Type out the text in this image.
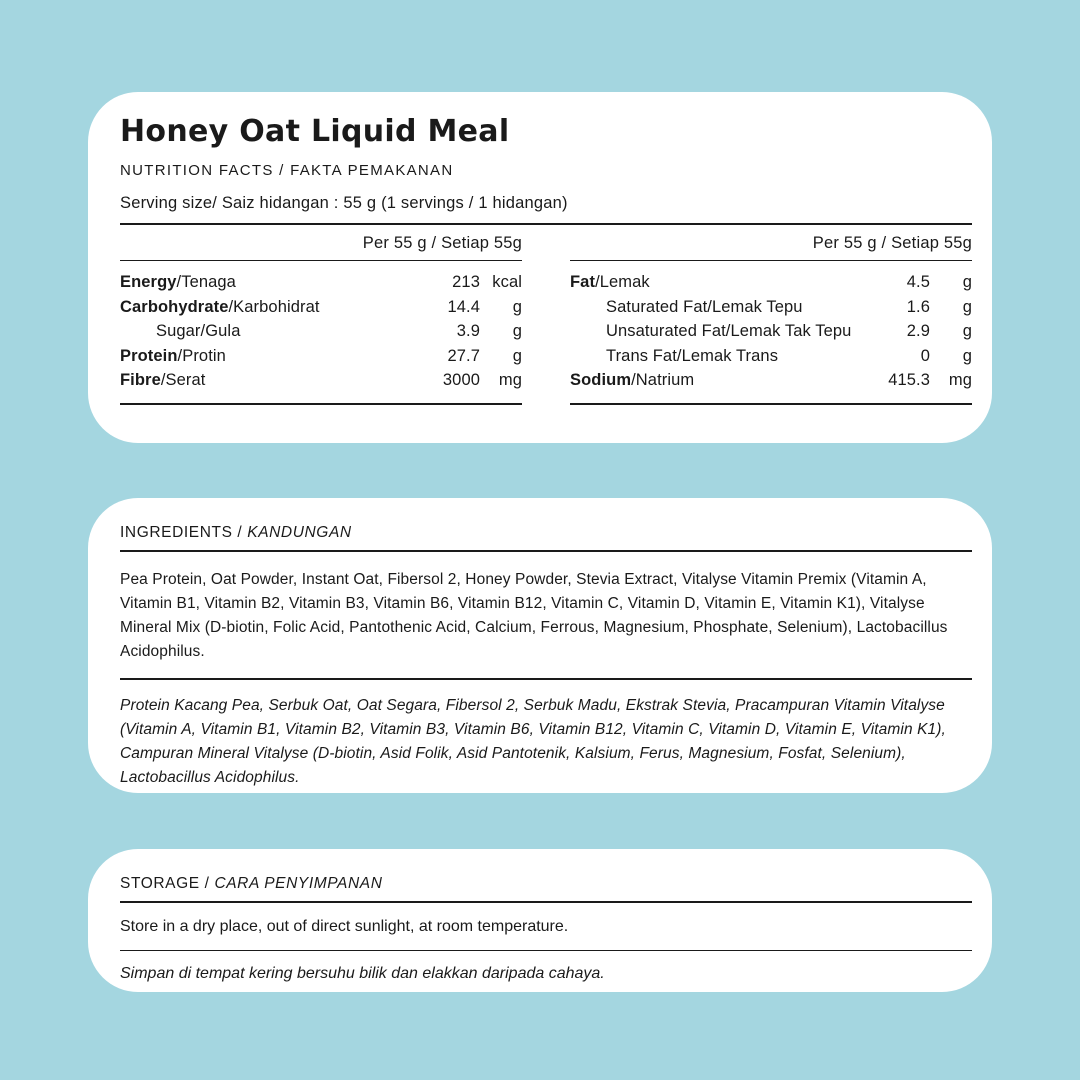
Honey Oat Liquid Meal
NUTRITION FACTS / FAKTA PEMAKANAN
Serving size/ Saiz hidangan : 55 g (1 servings / 1 hidangan)
Per 55 g / Setiap 55g
Energy/Tenaga	213 kcal
Carbohydrate/Karbohidrat	14.4	g
Sugar/Gula	3.9	g
Protein/Protin	27.7	g
Fibre/Serat	3000	mg
Per 55 g / Setiap 55g
Fat/Lemak	4.5	g
Saturated Fat/Lemak Tepu	1.6	g
Unsaturated Fat/Lemak Tak Tepu	2.9	g
Trans Fat/Lemak Trans	0	g
Sodium/Natrium	415.3	mg
INGREDIENTS / KANDUNGAN

Pea Protein, Oat Powder, Instant Oat, Fibersol 2, Honey Powder, Stevia Extract, Vitalyse Vitamin Premix (Vitamin A, Vitamin B1, Vitamin B2, Vitamin B3, Vitamin B6, Vitamin B12, Vitamin C, Vitamin D, Vitamin E, Vitamin K1), Vitalyse Mineral Mix (D-biotin, Folic Acid, Pantothenic Acid, Calcium, Ferrous, Magnesium, Phosphate, Selenium), Lactobacillus Acidophilus.

Protein Kacang Pea, Serbuk Oat, Oat Segara, Fibersol 2, Serbuk Madu, Ekstrak Stevia, Pracampuran Vitamin Vitalyse (Vitamin A, Vitamin B1, Vitamin B2, Vitamin B3, Vitamin B6, Vitamin B12, Vitamin C, Vitamin D, Vitamin E, Vitamin K1), Campuran Mineral Vitalyse (D-biotin, Asid Folik, Asid Pantotenik, Kalsium, Ferus, Magnesium, Fosfat, Selenium), Lactobacillus Acidophilus.

STORAGE / CARA PENYIMPANAN

Store in a dry place, out of direct sunlight, at room temperature.

Simpan di tempat kering bersuhu bilik dan elakkan daripada cahaya.
